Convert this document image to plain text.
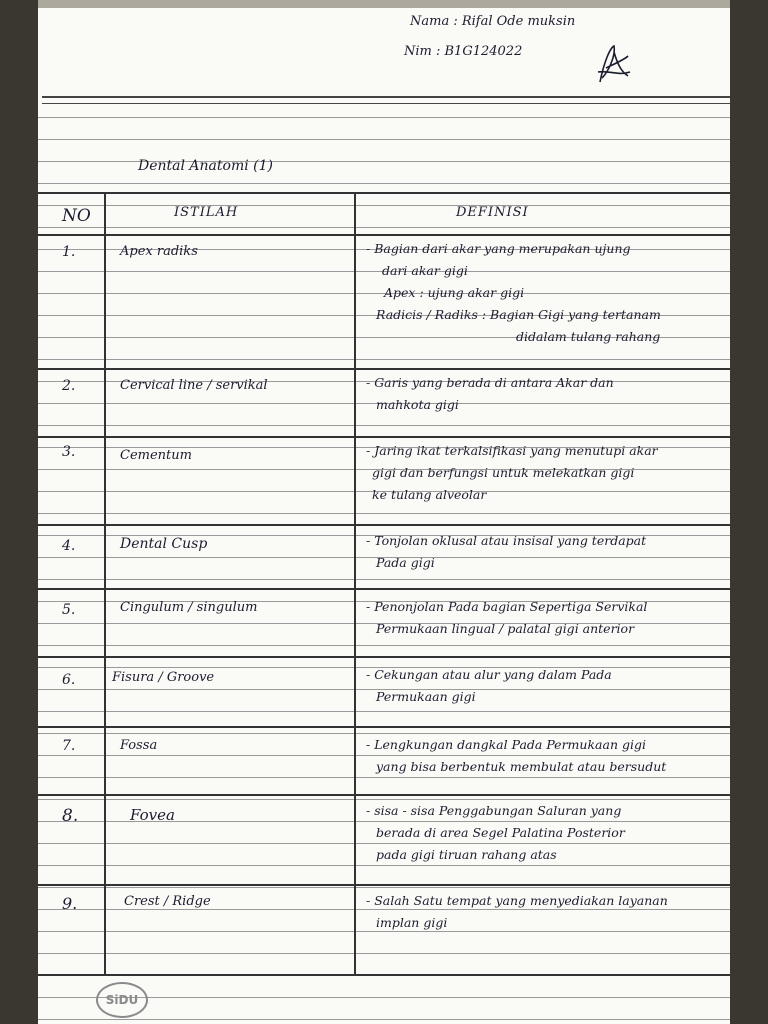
Nama : Rifal Ode muksin
Nim : B1G124022
Dental Anatomi (1)
NO	ISTILAH	DEFINISI
1.	Apex radiks	- Bagian dari akar yang merupakan ujung
dari akar gigi
Apex : ujung akar gigi
Radicis / Radiks : Bagian Gigi yang tertanam
didalam tulang rahang
2.	Cervical line / servikal	- Garis yang berada di antara Akar dan
mahkota gigi
3.	Cementum	- Jaring ikat terkalsifikasi yang menutupi akar
gigi dan berfungsi untuk melekatkan gigi
ke tulang alveolar
4.	Dental Cusp	- Tonjolan oklusal atau insisal yang terdapat
Pada gigi
5.	Cingulum / singulum	- Penonjolan Pada bagian Sepertiga Servikal
Permukaan lingual / palatal gigi anterior
6.	Fisura / Groove	- Cekungan atau alur yang dalam Pada
Permukaan gigi
7.	Fossa	- Lengkungan dangkal Pada Permukaan gigi
yang bisa berbentuk membulat atau bersudut
8.	Fovea	- sisa - sisa Penggabungan Saluran yang
berada di area Segel Palatina Posterior
pada gigi tiruan rahang atas
9.	Crest / Ridge	- Salah Satu tempat yang menyediakan layanan
implan gigi
SiDU
